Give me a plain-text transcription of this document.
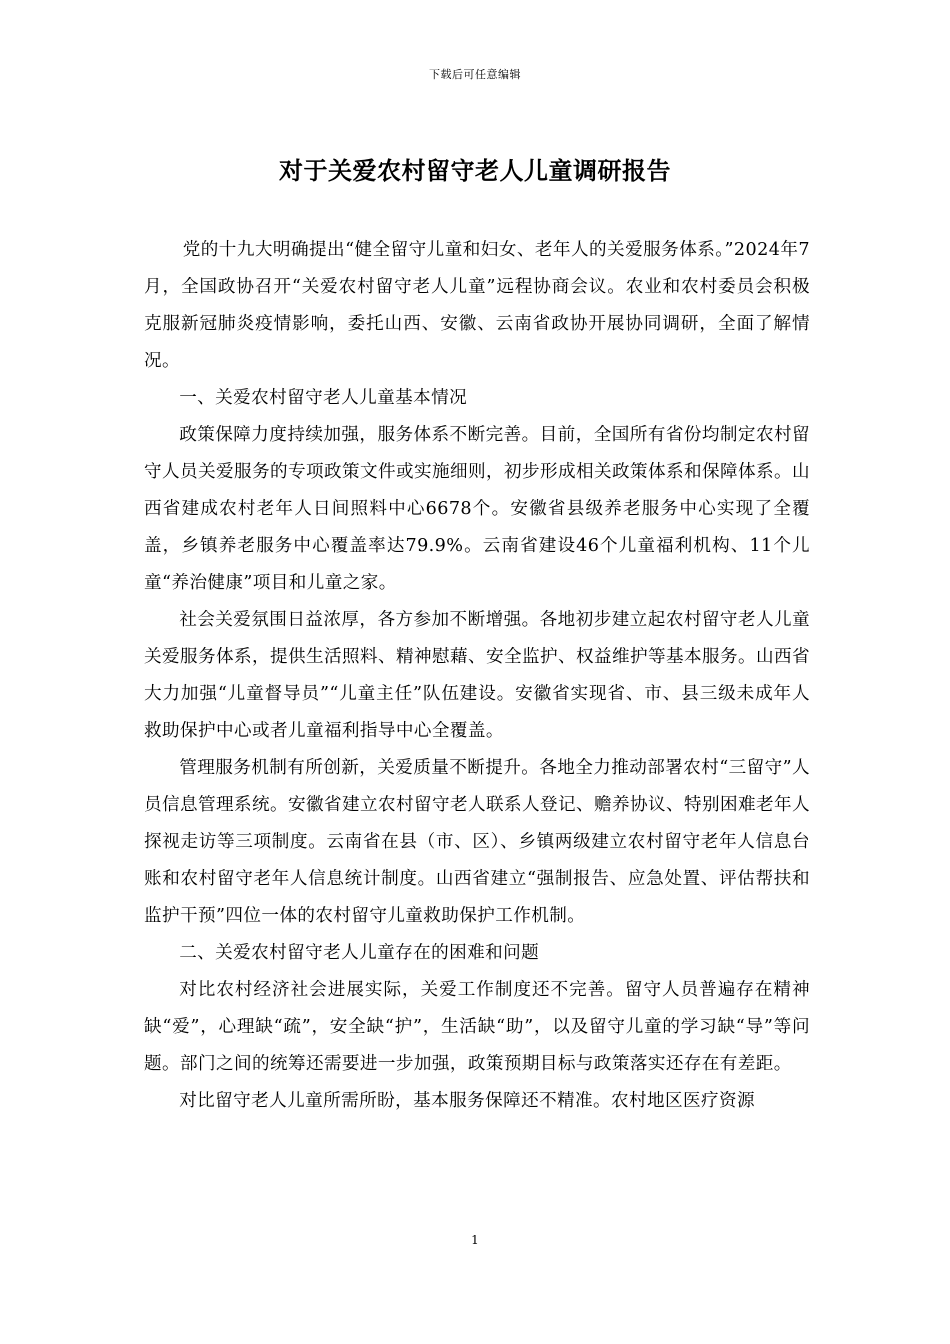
下载后可任意编辑
对于关爱农村留守老人儿童调研报告

党的十九大明确提出“健全留守儿童和妇女、老年人的关爱服务体系。”2024年7月，全国政协召开“关爱农村留守老人儿童”远程协商会议。农业和农村委员会积极克服新冠肺炎疫情影响，委托山西、安徽、云南省政协开展协同调研，全面了解情况。

一、关爱农村留守老人儿童基本情况

政策保障力度持续加强，服务体系不断完善。目前，全国所有省份均制定农村留守人员关爱服务的专项政策文件或实施细则，初步形成相关政策体系和保障体系。山西省建成农村老年人日间照料中心6678个。安徽省县级养老服务中心实现了全覆盖，乡镇养老服务中心覆盖率达79.9%。云南省建设46个儿童福利机构、11个儿童“养治健康”项目和儿童之家。

社会关爱氛围日益浓厚，各方参加不断增强。各地初步建立起农村留守老人儿童关爱服务体系，提供生活照料、精神慰藉、安全监护、权益维护等基本服务。山西省大力加强“儿童督导员”“儿童主任”队伍建设。安徽省实现省、市、县三级未成年人救助保护中心或者儿童福利指导中心全覆盖。

管理服务机制有所创新，关爱质量不断提升。各地全力推动部署农村“三留守”人员信息管理系统。安徽省建立农村留守老人联系人登记、赡养协议、特别困难老年人探视走访等三项制度。云南省在县（市、区）、乡镇两级建立农村留守老年人信息台账和农村留守老年人信息统计制度。山西省建立“强制报告、应急处置、评估帮扶和监护干预”四位一体的农村留守儿童救助保护工作机制。

二、关爱农村留守老人儿童存在的困难和问题

对比农村经济社会进展实际，关爱工作制度还不完善。留守人员普遍存在精神缺“爱”，心理缺“疏”，安全缺“护”，生活缺“助”，以及留守儿童的学习缺“导”等问题。部门之间的统筹还需要进一步加强，政策预期目标与政策落实还存在有差距。

对比留守老人儿童所需所盼，基本服务保障还不精准。农村地区医疗资源

1
